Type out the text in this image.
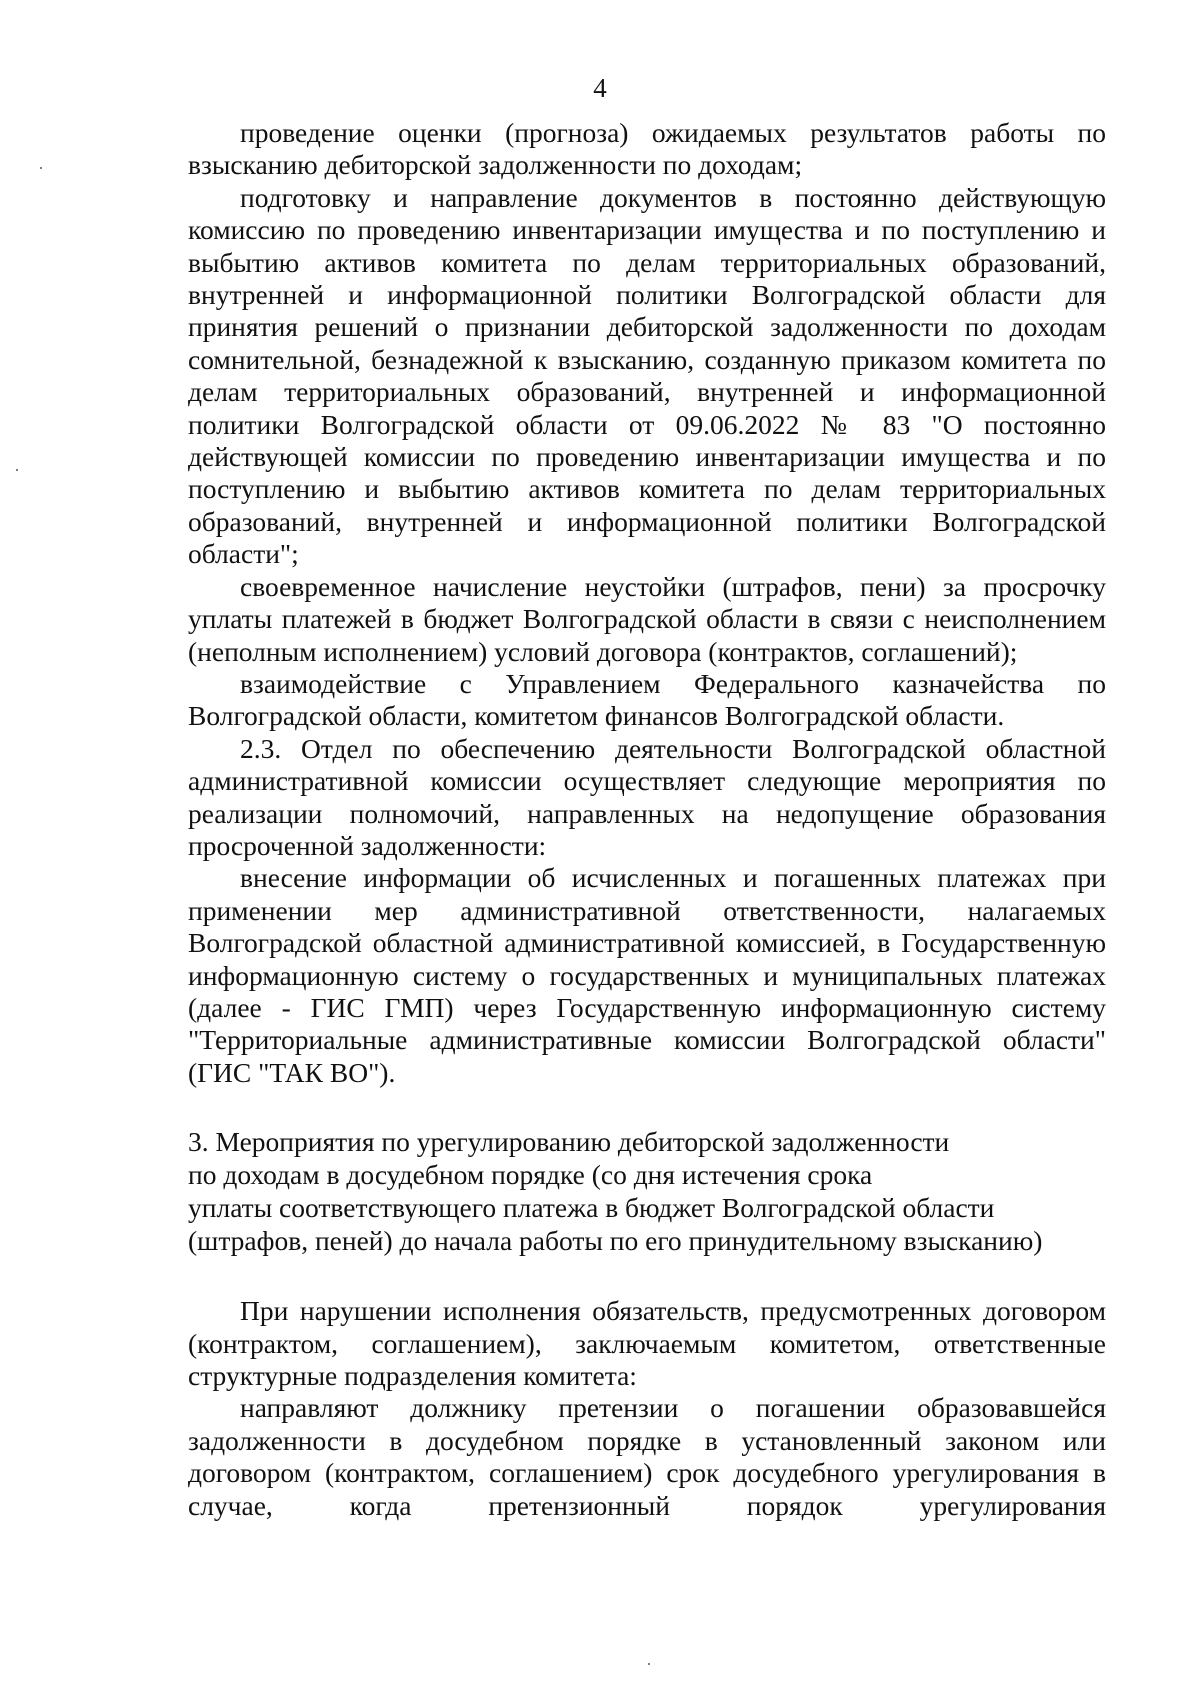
4

проведение оценки (прогноза) ожидаемых результатов работы по взысканию дебиторской задолженности по доходам;

подготовку и направление документов в постоянно действующую комиссию по проведению инвентаризации имущества и по поступлению и выбытию активов комитета по делам территориальных образований, внутренней и информационной политики Волгоградской области для принятия решений о признании дебиторской задолженности по доходам сомнительной, безнадежной к взысканию, созданную приказом комитета по делам территориальных образований, внутренней и информационной политики Волгоградской области от 09.06.2022 № 83 "О постоянно действующей комиссии по проведению инвентаризации имущества и по поступлению и выбытию активов комитета по делам территориальных образований, внутренней и информационной политики Волгоградской области";

своевременное начисление неустойки (штрафов, пени) за просрочку уплаты платежей в бюджет Волгоградской области в связи с неисполнением (неполным исполнением) условий договора (контрактов, соглашений);

взаимодействие с Управлением Федерального казначейства по Волгоградской области, комитетом финансов Волгоградской области.

2.3. Отдел по обеспечению деятельности Волгоградской областной административной комиссии осуществляет следующие мероприятия по реализации полномочий, направленных на недопущение образования просроченной задолженности:

внесение информации об исчисленных и погашенных платежах при применении мер административной ответственности, налагаемых Волгоградской областной административной комиссией, в Государственную информационную систему о государственных и муниципальных платежах (далее - ГИС ГМП) через Государственную информационную систему "Территориальные административные комиссии Волгоградской области" (ГИС "ТАК ВО").

3. Мероприятия по урегулированию дебиторской задолженности
по доходам в досудебном порядке (со дня истечения срока
уплаты соответствующего платежа в бюджет Волгоградской области
(штрафов, пеней) до начала работы по его принудительному взысканию)

При нарушении исполнения обязательств, предусмотренных договором (контрактом, соглашением), заключаемым комитетом, ответственные структурные подразделения комитета:

направляют должнику претензии о погашении образовавшейся задолженности в досудебном порядке в установленный законом или договором (контрактом, соглашением) срок досудебного урегулирования в случае, когда претензионный порядок урегулирования
